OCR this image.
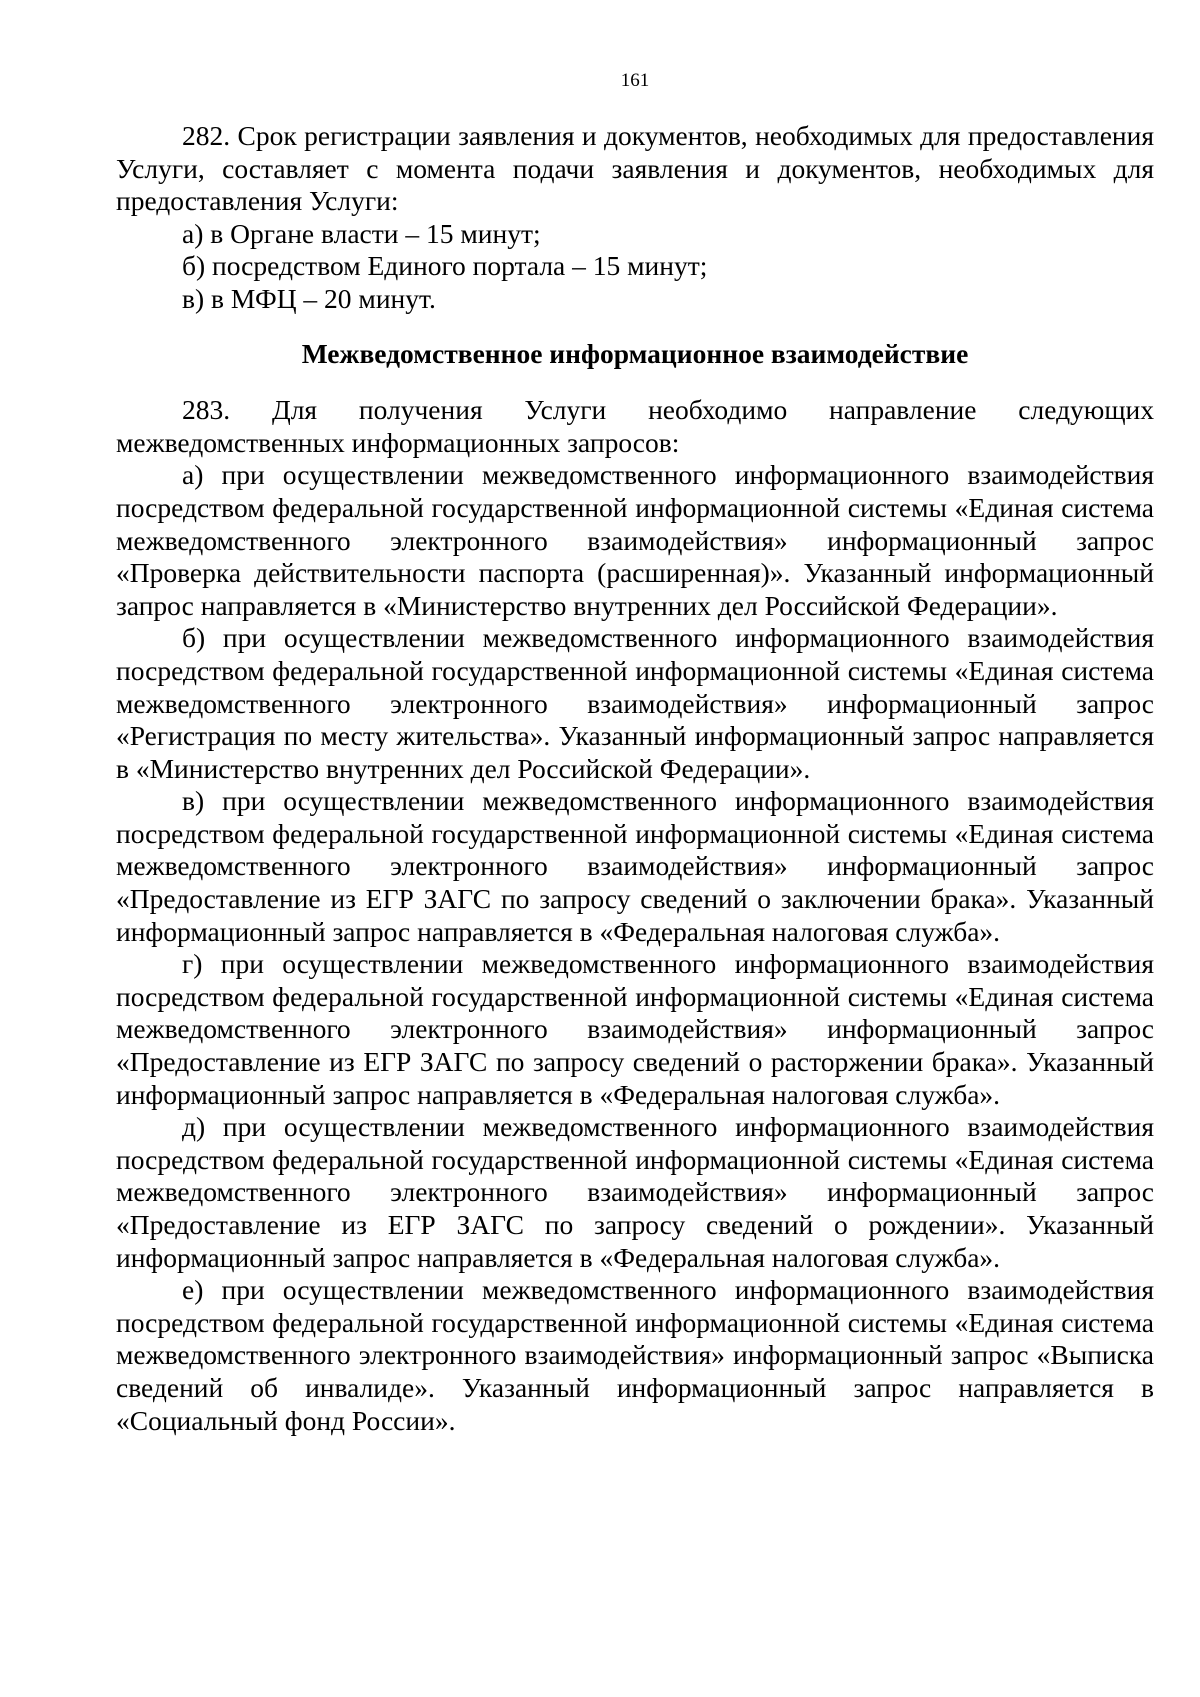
161

282. Срок регистрации заявления и документов, необходимых для предоставления Услуги, составляет с момента подачи заявления и документов, необходимых для предоставления Услуги:

а) в Органе власти – 15 минут;

б) посредством Единого портала – 15 минут;

в) в МФЦ – 20 минут.

Межведомственное информационное взаимодействие

283. Для получения Услуги необходимо направление следующих межведомственных информационных запросов:

а) при осуществлении межведомственного информационного взаимодействия посредством федеральной государственной информационной системы «Единая система межведомственного электронного взаимодействия» информационный запрос «Проверка действительности паспорта (расширенная)». Указанный информационный запрос направляется в «Министерство внутренних дел Российской Федерации».

б) при осуществлении межведомственного информационного взаимодействия посредством федеральной государственной информационной системы «Единая система межведомственного электронного взаимодействия» информационный запрос «Регистрация по месту жительства». Указанный информационный запрос направляется в «Министерство внутренних дел Российской Федерации».

в) при осуществлении межведомственного информационного взаимодействия посредством федеральной государственной информационной системы «Единая система межведомственного электронного взаимодействия» информационный запрос «Предоставление из ЕГР ЗАГС по запросу сведений о заключении брака». Указанный информационный запрос направляется в «Федеральная налоговая служба».

г) при осуществлении межведомственного информационного взаимодействия посредством федеральной государственной информационной системы «Единая система межведомственного электронного взаимодействия» информационный запрос «Предоставление из ЕГР ЗАГС по запросу сведений о расторжении брака». Указанный информационный запрос направляется в «Федеральная налоговая служба».

д) при осуществлении межведомственного информационного взаимодействия посредством федеральной государственной информационной системы «Единая система межведомственного электронного взаимодействия» информационный запрос «Предоставление из ЕГР ЗАГС по запросу сведений о рождении». Указанный информационный запрос направляется в «Федеральная налоговая служба».

е) при осуществлении межведомственного информационного взаимодействия посредством федеральной государственной информационной системы «Единая система межведомственного электронного взаимодействия» информационный запрос «Выписка сведений об инвалиде». Указанный информационный запрос направляется в «Социальный фонд России».
